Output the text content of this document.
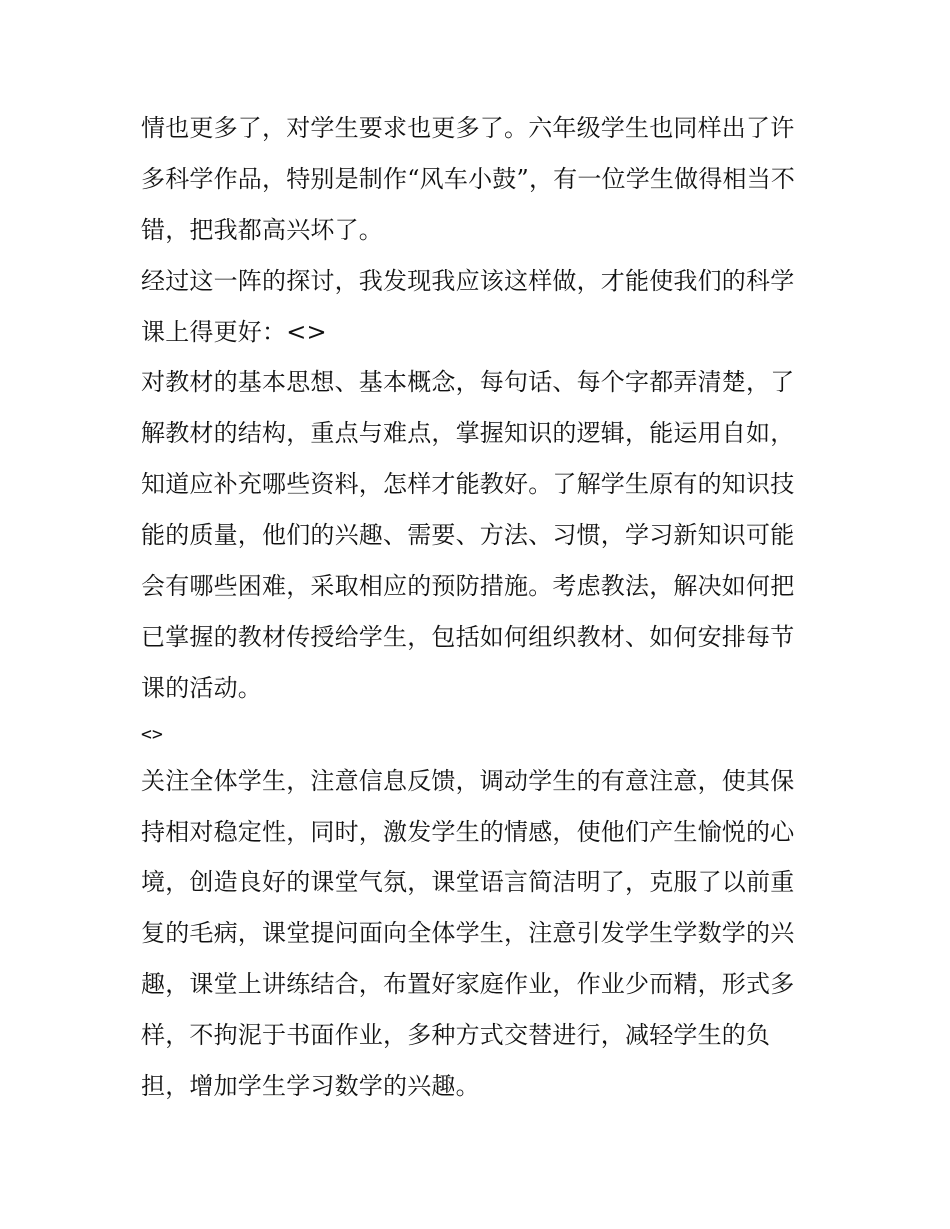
情也更多了，对学生要求也更多了。六年级学生也同样出了许
多科学作品，特别是制作“风车小鼓”，有一位学生做得相当不
错，把我都高兴坏了。
经过这一阵的探讨，我发现我应该这样做，才能使我们的科学
课上得更好：<>
对教材的基本思想、基本概念，每句话、每个字都弄清楚，了
解教材的结构，重点与难点，掌握知识的逻辑，能运用自如，
知道应补充哪些资料，怎样才能教好。了解学生原有的知识技
能的质量，他们的兴趣、需要、方法、习惯，学习新知识可能
会有哪些困难，采取相应的预防措施。考虑教法，解决如何把
已掌握的教材传授给学生，包括如何组织教材、如何安排每节
课的活动。
<>
关注全体学生，注意信息反馈，调动学生的有意注意，使其保
持相对稳定性，同时，激发学生的情感，使他们产生愉悦的心
境，创造良好的课堂气氛，课堂语言简洁明了，克服了以前重
复的毛病，课堂提问面向全体学生，注意引发学生学数学的兴
趣，课堂上讲练结合，布置好家庭作业，作业少而精，形式多
样，不拘泥于书面作业，多种方式交替进行，减轻学生的负
担，增加学生学习数学的兴趣。
